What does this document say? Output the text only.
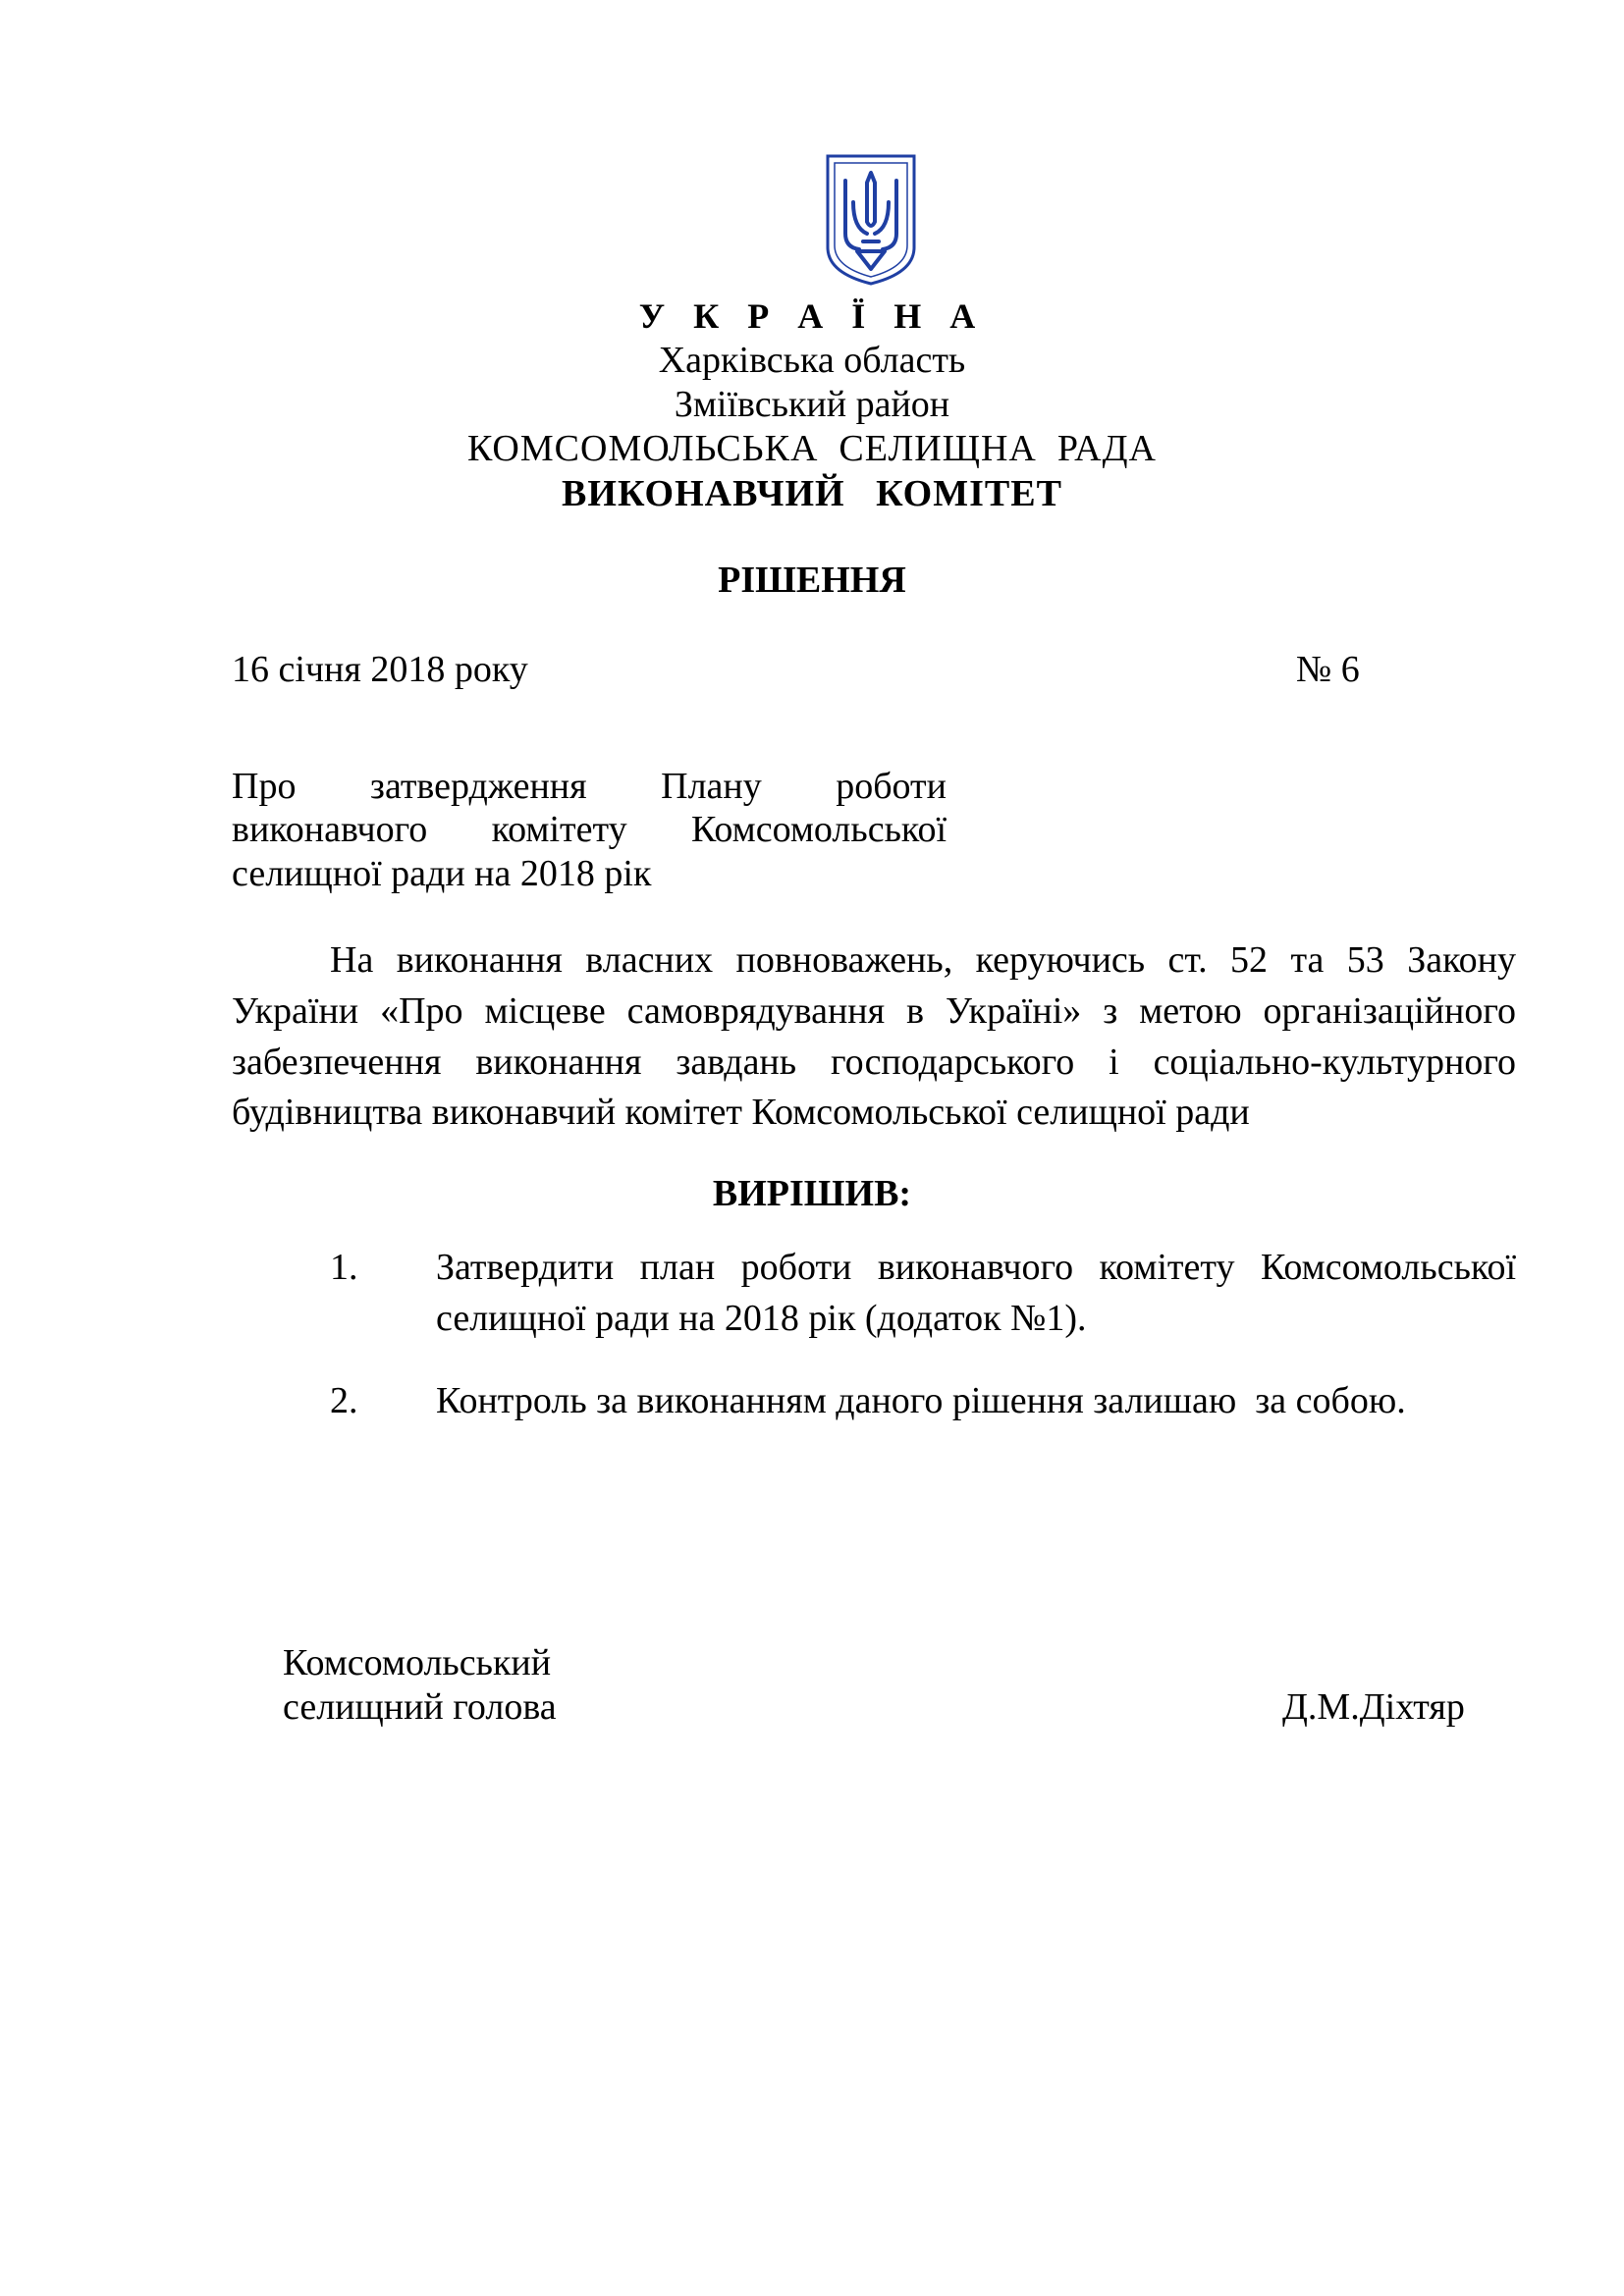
У К Р А Ї Н А

Харківська область

Зміївський район

КОМСОМОЛЬСЬКА  СЕЛИЩНА  РАДА

ВИКОНАВЧИЙ   КОМІТЕТ

РІШЕННЯ

16 січня 2018 року	№ 6

Про затвердження Плану роботи

виконавчого комітету Комсомольської

селищної ради на 2018 рік

На виконання власних повноважень, керуючись ст. 52 та 53 Закону

України «Про місцеве самоврядування в Україні» з метою організаційного

забезпечення виконання завдань господарського і соціально-культурного

будівництва виконавчий комітет Комсомольської селищної ради

ВИРІШИВ:

1. Затвердити план роботи виконавчого комітету Комсомольської

селищної ради на 2018 рік (додаток №1).

2. Контроль за виконанням даного рішення залишаю  за собою.

Комсомольський

селищний голова	Д.М.Діхтяр
